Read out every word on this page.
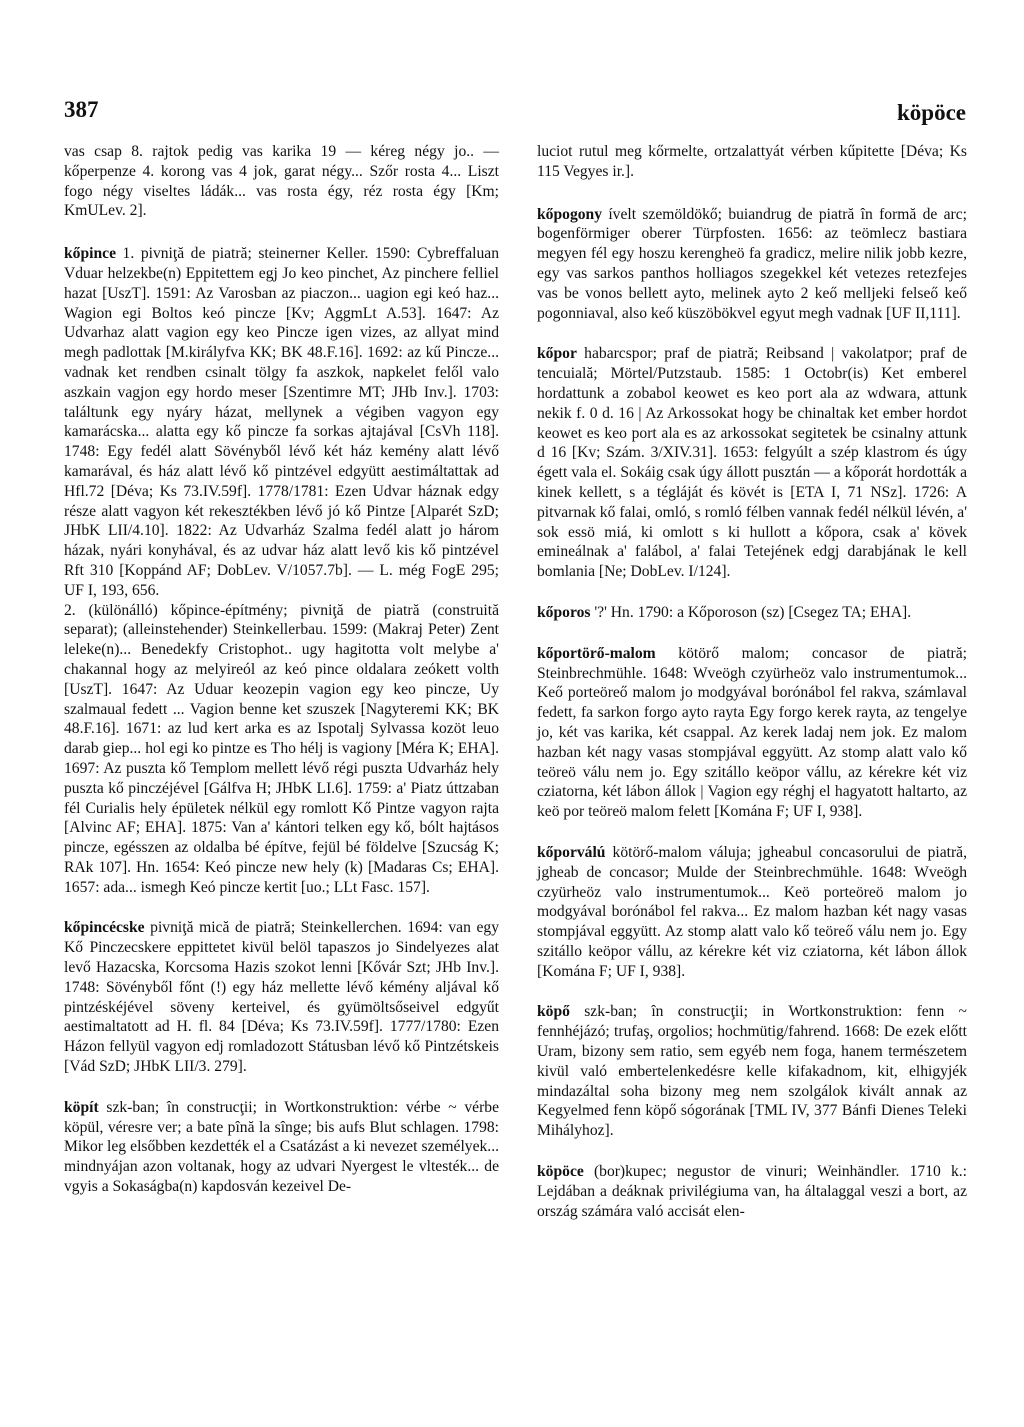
387	köpöce
vas csap 8. rajtok pedig vas karika 19 — kéreg négy jo.. — kőperpenze 4. korong vas 4 jok, garat négy... Szőr rosta 4... Liszt fogo négy viseltes ládák... vas rosta égy, réz rosta égy [Km; KmULev. 2].

kőpince 1. pivniţă de piatră; steinerner Keller. 1590: Cybreffaluan Vduar helzekbe(n) Eppitettem egj Jo keo pinchet, Az pinchere felliel hazat [UszT]. 1591: Az Varosban az piaczon... uagion egi keó haz... Wagion egi Boltos keó pincze [Kv; AggmLt A.53]. 1647: Az Udvarhaz alatt vagion egy keo Pincze igen vizes, az allyat mind megh padlottak [M.királyfva KK; BK 48.F.16]. 1692: az kű Pincze... vadnak ket rendben csinalt tölgy fa aszkok, napkelet felől valo aszkain vagjon egy hordo meser [Szentimre MT; JHb Inv.]. 1703: találtunk egy nyáry házat, mellynek a végiben vagyon egy kamarácska... alatta egy kő pincze fa sorkas ajtajával [CsVh 118]. 1748: Egy fedél alatt Sövényből lévő két ház kemény alatt lévő kamarával, és ház alatt lévő kő pintzével edgyütt aestimáltattak ad Hfl.72 [Déva; Ks 73.IV.59f]. 1778/1781: Ezen Udvar háznak edgy része alatt vagyon két rekesztékben lévő jó kő Pintze [Alparét SzD; JHbK LII/4.10]. 1822: Az Udvarház Szalma fedél alatt jo három házak, nyári konyhával, és az udvar ház alatt levő kis kő pintzével Rft 310 [Koppánd AF; DobLev. V/1057.7b]. — L. még FogE 295; UF I, 193, 656.

2. (különálló) kőpince-építmény; pivniţă de piatră (construită separat); (alleinstehender) Steinkellerbau. 1599: (Makraj Peter) Zent leleke(n)... Benedekfy Cristophot.. ugy hagitotta volt melybe a' chakannal hogy az melyireól az keó pince oldalara zeókett volth [UszT]. 1647: Az Uduar keozepin vagion egy keo pincze, Uy szalmaual fedett ... Vagion benne ket szuszek [Nagyteremi KK; BK 48.F.16]. 1671: az lud kert arka es az Ispotalj Sylvassa kozöt leuo darab giep... hol egi ko pintze es Tho hélj is vagiony [Méra K; EHA]. 1697: Az puszta kő Templom mellett lévő régi puszta Udvarház hely puszta kő pinczéjével [Gálfva H; JHbK LI.6]. 1759: a' Piatz úttzaban fél Curialis hely épületek nélkül egy romlott Kő Pintze vagyon rajta [Alvinc AF; EHA]. 1875: Van a' kántori telken egy kő, bólt hajtásos pincze, egésszen az oldalba bé építve, fejül bé földelve [Szucság K; RAk 107]. Hn. 1654: Keó pincze new hely (k) [Madaras Cs; EHA]. 1657: ada... ismegh Keó pincze kertit [uo.; LLt Fasc. 157].

kőpincécske pivniţă mică de piatră; Steinkellerchen. 1694: van egy Kő Pinczecskere eppittetet kivül belöl tapaszos jo Sindelyezes alat levő Hazacska, Korcsoma Hazis szokot lenni [Kővár Szt; JHb Inv.]. 1748: Sövényből főnt (!) egy ház mellette lévő kémény aljával kő pintzéskéjével söveny kerteivel, és gyümöltsőseivel edgyűt aestimaltatott ad H. fl. 84 [Déva; Ks 73.IV.59f]. 1777/1780: Ezen Házon fellyül vagyon edj romladozott Státusban lévő kő Pintzétskeis [Vád SzD; JHbK LII/3. 279].
köpít szk-ban; în construcţii; in Wortkonstruktion: vérbe ~ vérbe köpül, véresre ver; a bate pînă la sînge; bis aufs Blut schlagen. 1798: Mikor leg elsőbben kezdették el a Csatázást a ki nevezet személyek... mindnyájan azon voltanak, hogy az udvari Nyergest le vltesték... de vgyis a Sokaságba(n) kapdosván kezeivel De-
luciot rutul meg kőrmelte, ortzalattyát vérben kűpitette [Déva; Ks 115 Vegyes ir.].
kőpogony ívelt szemöldökő; buiandrug de piatră în formă de arc; bogenförmiger oberer Türpfosten. 1656: az teömlecz bastiara megyen fél egy hoszu kerengheö fa gradicz, melire nilik jobb kezre, egy vas sarkos panthos holliagos szegekkel két vetezes retezfejes vas be vonos bellett ayto, melinek ayto 2 keő melljeki felseő keő pogonniaval, also keő küszöbökvel egyut megh vadnak [UF II,111].
kőpor habarcspor; praf de piatră; Reibsand | vakolatpor; praf de tencuială; Mörtel/Putzstaub. 1585: 1 Octobr(is) Ket emberel hordattunk a zobabol keowet es keo port ala az wdwara, attunk nekik f. 0 d. 16 | Az Arkossokat hogy be chinaltak ket ember hordot keowet es keo port ala es az arkossokat segitetek be csinalny attunk d 16 [Kv; Szám. 3/XIV.31]. 1653: felgyúlt a szép klastrom és úgy égett vala el. Sokáig csak úgy állott pusztán — a kőporát hordották a kinek kellett, s a tégláját és kövét is [ETA I, 71 NSz]. 1726: A pitvarnak kő falai, omló, s romló félben vannak fedél nélkül lévén, a' sok essö miá, ki omlott s ki hullott a kőpora, csak a' kövek emineálnak a' falábol, a' falai Tetejének edgj darabjának le kell bomlania [Ne; DobLev. I/124].
kőporos '?' Hn. 1790: a Kőporoson (sz) [Csegez TA; EHA].
kőportörő-malom kötörő malom; concasor de piatră; Steinbrechmühle. 1648: Wveögh czyürheöz valo instrumentumok... Keő porteöreő malom jo modgyával borónábol fel rakva, számlaval fedett, fa sarkon forgo ayto rayta Egy forgo kerek rayta, az tengelye jo, két vas karika, két csappal. Az kerek ladaj nem jok. Ez malom hazban két nagy vasas stompjával eggyütt. Az stomp alatt valo kő teöreö válu nem jo. Egy szitállo keöpor vállu, az kérekre két viz cziatorna, két lábon állok | Vagion egy réghj el hagyatott haltarto, az keö por teöreö malom felett [Komána F; UF I, 938].
kőporválú kötörő-malom váluja; jgheabul concasorului de piatră, jgheab de concasor; Mulde der Steinbrechmühle. 1648: Wveögh czyürheöz valo instrumentumok... Keö porteöreö malom jo modgyával borónábol fel rakva... Ez malom hazban két nagy vasas stompjával eggyütt. Az stomp alatt valo kő teöreő válu nem jo. Egy szitállo keöpor vállu, az kérekre két viz cziatorna, két lábon állok [Komána F; UF I, 938].
köpő szk-ban; în construcţii; in Wortkonstruktion: fenn ~ fennhéjázó; trufaş, orgolios; hochmütig/fahrend. 1668: De ezek előtt Uram, bizony sem ratio, sem egyéb nem foga, hanem természetem kivül való embertelenkedésre kelle kifakadnom, kit, elhigyjék mindazáltal soha bizony meg nem szolgálok kivált annak az Kegyelmed fenn köpő sógorának [TML IV, 377 Bánfi Dienes Teleki Mihályhoz].
köpöce (bor)kupec; negustor de vinuri; Weinhändler. 1710 k.: Lejdában a deáknak privilégiuma van, ha általaggal veszi a bort, az ország számára való accisát elen-
